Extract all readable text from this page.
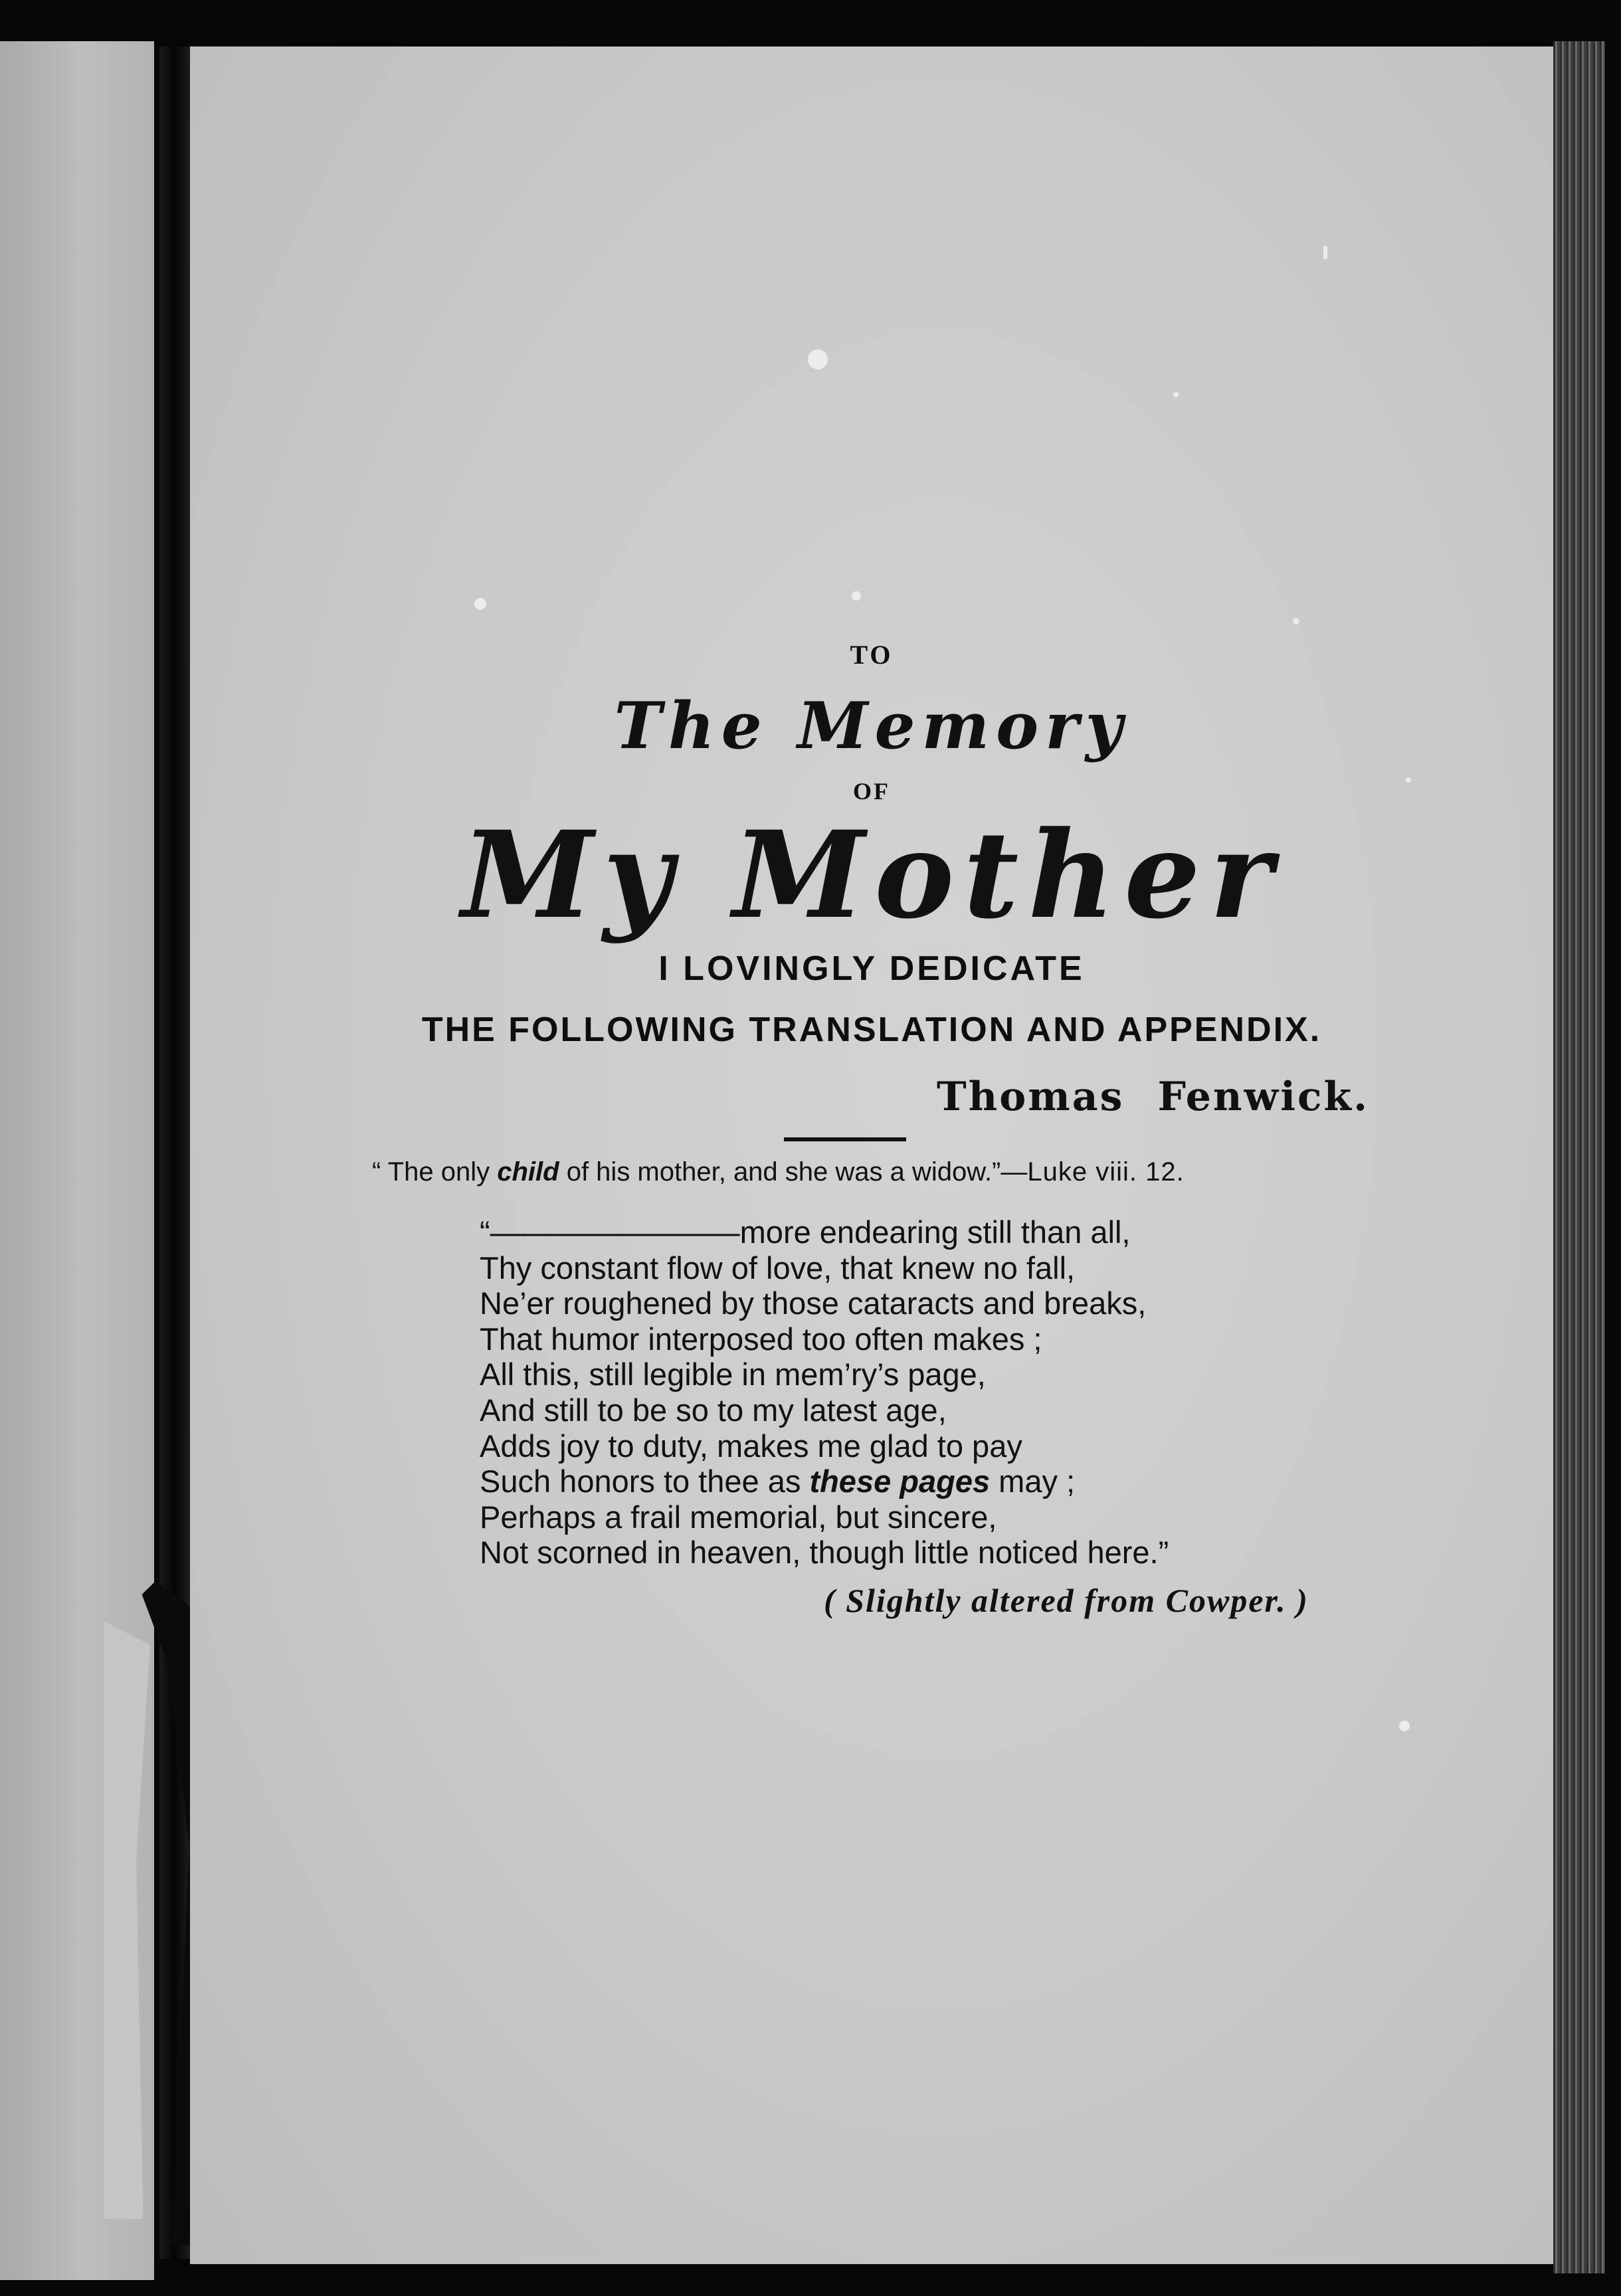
TO
The Memory
OF
My Mother
I LOVINGLY DEDICATE
THE FOLLOWING TRANSLATION AND APPENDIX.
Thomas Fenwick.
“ The only child of his mother, and she was a widow.”—Luke viii. 12.
“————————more endearing still than all,
Thy constant flow of love, that knew no fall,
Ne’er roughened by those cataracts and breaks,
That humor interposed too often makes ;
All this, still legible in mem’ry’s page,
And still to be so to my latest age,
Adds joy to duty, makes me glad to pay
Such honors to thee as these pages may ;
Perhaps a frail memorial, but sincere,
Not scorned in heaven, though little noticed here.”
( Slightly altered from Cowper. )
